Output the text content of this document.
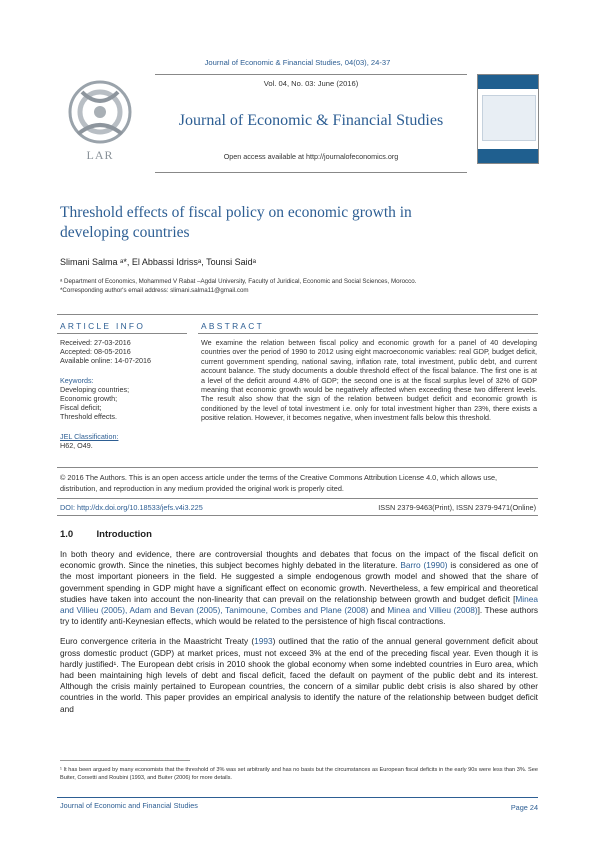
Journal of Economic & Financial Studies, 04(03), 24-37
LAR
Vol. 04, No. 03: June (2016)
Journal of Economic & Financial Studies
Open access available at http://journalofeconomics.org
Threshold effects of fiscal policy on economic growth in developing countries
Slimani Salma ᵃ*, El Abbassi Idrissᵃ, Tounsi Saidᵃ
ᵃ Department of Economics, Mohammed V Rabat –Agdal University, Faculty of Juridical, Economic and Social Sciences, Morocco.
*Corresponding author's email address: slimani.salma11@gmail.com
ARTICLE INFO	ABSTRACT
Received: 27-03-2016
Accepted: 08-05-2016
Available online: 14-07-2016
Keywords:
Developing countries;
Economic growth;
Fiscal deficit;
Threshold effects.
JEL Classification:
H62, O49.
We examine the relation between fiscal policy and economic growth for a panel of 40 developing countries over the period of 1990 to 2012 using eight macroeconomic variables: real GDP, budget deficit, current government spending, national saving, inflation rate, total investment, public debt, and current account balance. The study documents a double threshold effect of the fiscal balance. The first one is at a level of the deficit around 4.8% of GDP; the second one is at the fiscal surplus level of 32% of GDP meaning that economic growth would be negatively affected when exceeding these two different levels. The result also show that the sign of the relation between budget deficit and economic growth is conditioned by the level of total investment i.e. only for total investment higher than 23%, there exists a positive relation. However, it becomes negative, when investment falls below this threshold.
© 2016 The Authors. This is an open access article under the terms of the Creative Commons Attribution License 4.0, which allows use, distribution, and reproduction in any medium provided the original work is properly cited.
DOI: http://dx.doi.org/10.18533/jefs.v4i3.225	ISSN 2379-9463(Print), ISSN 2379-9471(Online)
1.0 Introduction

In both theory and evidence, there are controversial thoughts and debates that focus on the impact of the fiscal deficit on economic growth. Since the nineties, this subject becomes highly debated in the literature. Barro (1990) is considered as one of the most important pioneers in the field. He suggested a simple endogenous growth model and showed that the share of government spending in GDP might have a significant effect on economic growth. Nevertheless, a few empirical and theoretical studies have taken into account the non-linearity that can prevail on the relationship between growth and budget deficit [Minea and Villieu (2005), Adam and Bevan (2005), Tanimoune, Combes and Plane (2008) and Minea and Villieu (2008)]. These authors try to identify anti-Keynesian effects, which would be related to the persistence of high fiscal contractions.

Euro convergence criteria in the Maastricht Treaty (1993) outlined that the ratio of the annual general government deficit about gross domestic product (GDP) at market prices, must not exceed 3% at the end of the preceding fiscal year. Even though it is hardly justified¹. The European debt crisis in 2010 shook the global economy when some indebted countries in Euro area, which had been maintaining high levels of debt and fiscal deficit, faced the default on payment of the public debt and its interest. Although the crisis mainly pertained to European countries, the concern of a similar public debt crisis is also shared by other countries in the world. This paper provides an empirical analysis to identify the nature of the relationship between budget deficit and

¹ It has been argued by many economists that the threshold of 3% was set arbitrarily and has no basis but the circumstances as European fiscal deficits in the early 90s were less than 3%. See Buiter, Corsetti and Roubini (1993, and Buiter (2006) for more details.
Journal of Economic and Financial Studies	Page 24
